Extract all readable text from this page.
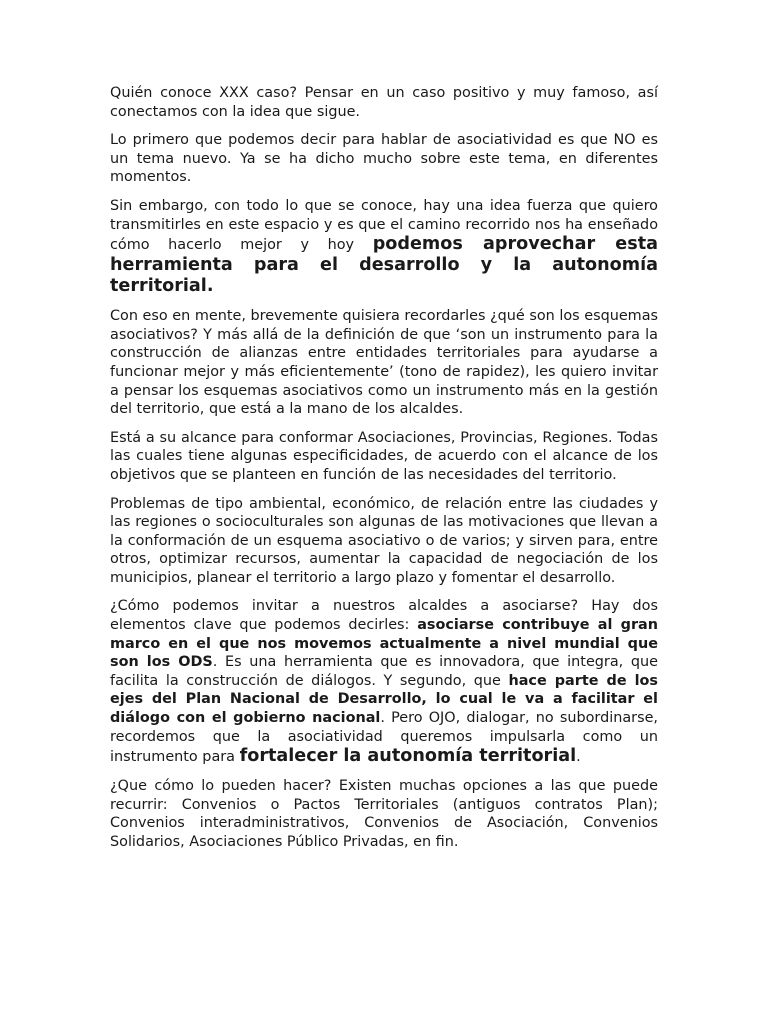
Quién conoce XXX caso? Pensar en un caso positivo y muy famoso, así conectamos con la idea que sigue.

Lo primero que podemos decir para hablar de asociatividad es que NO es un tema nuevo. Ya se ha dicho mucho sobre este tema, en diferentes momentos.

Sin embargo, con todo lo que se conoce, hay una idea fuerza que quiero transmitirles en este espacio y es que el camino recorrido nos ha enseñado cómo hacerlo mejor y hoy podemos aprovechar esta herramienta para el desarrollo y la autonomía territorial.

Con eso en mente, brevemente quisiera recordarles ¿qué son los esquemas asociativos? Y más allá de la definición de que ‘son un instrumento para la construcción de alianzas entre entidades territoriales para ayudarse a funcionar mejor y más eficientemente’ (tono de rapidez), les quiero invitar a pensar los esquemas asociativos como un instrumento más en la gestión del territorio, que está a la mano de los alcaldes.

Está a su alcance para conformar Asociaciones, Provincias, Regiones. Todas las cuales tiene algunas especificidades, de acuerdo con el alcance de los objetivos que se planteen en función de las necesidades del territorio.

Problemas de tipo ambiental, económico, de relación entre las ciudades y las regiones o socioculturales son algunas de las motivaciones que llevan a la conformación de un esquema asociativo o de varios; y sirven para, entre otros, optimizar recursos, aumentar la capacidad de negociación de los municipios, planear el territorio a largo plazo y fomentar el desarrollo.

¿Cómo podemos invitar a nuestros alcaldes a asociarse? Hay dos elementos clave que podemos decirles: asociarse contribuye al gran marco en el que nos movemos actualmente a nivel mundial que son los ODS. Es una herramienta que es innovadora, que integra, que facilita la construcción de diálogos. Y segundo, que hace parte de los ejes del Plan Nacional de Desarrollo, lo cual le va a facilitar el diálogo con el gobierno nacional. Pero OJO, dialogar, no subordinarse, recordemos que la asociatividad queremos impulsarla como un instrumento para fortalecer la autonomía territorial.

¿Que cómo lo pueden hacer? Existen muchas opciones a las que puede recurrir: Convenios o Pactos Territoriales (antiguos contratos Plan); Convenios interadministrativos, Convenios de Asociación, Convenios Solidarios, Asociaciones Público Privadas, en fin.
